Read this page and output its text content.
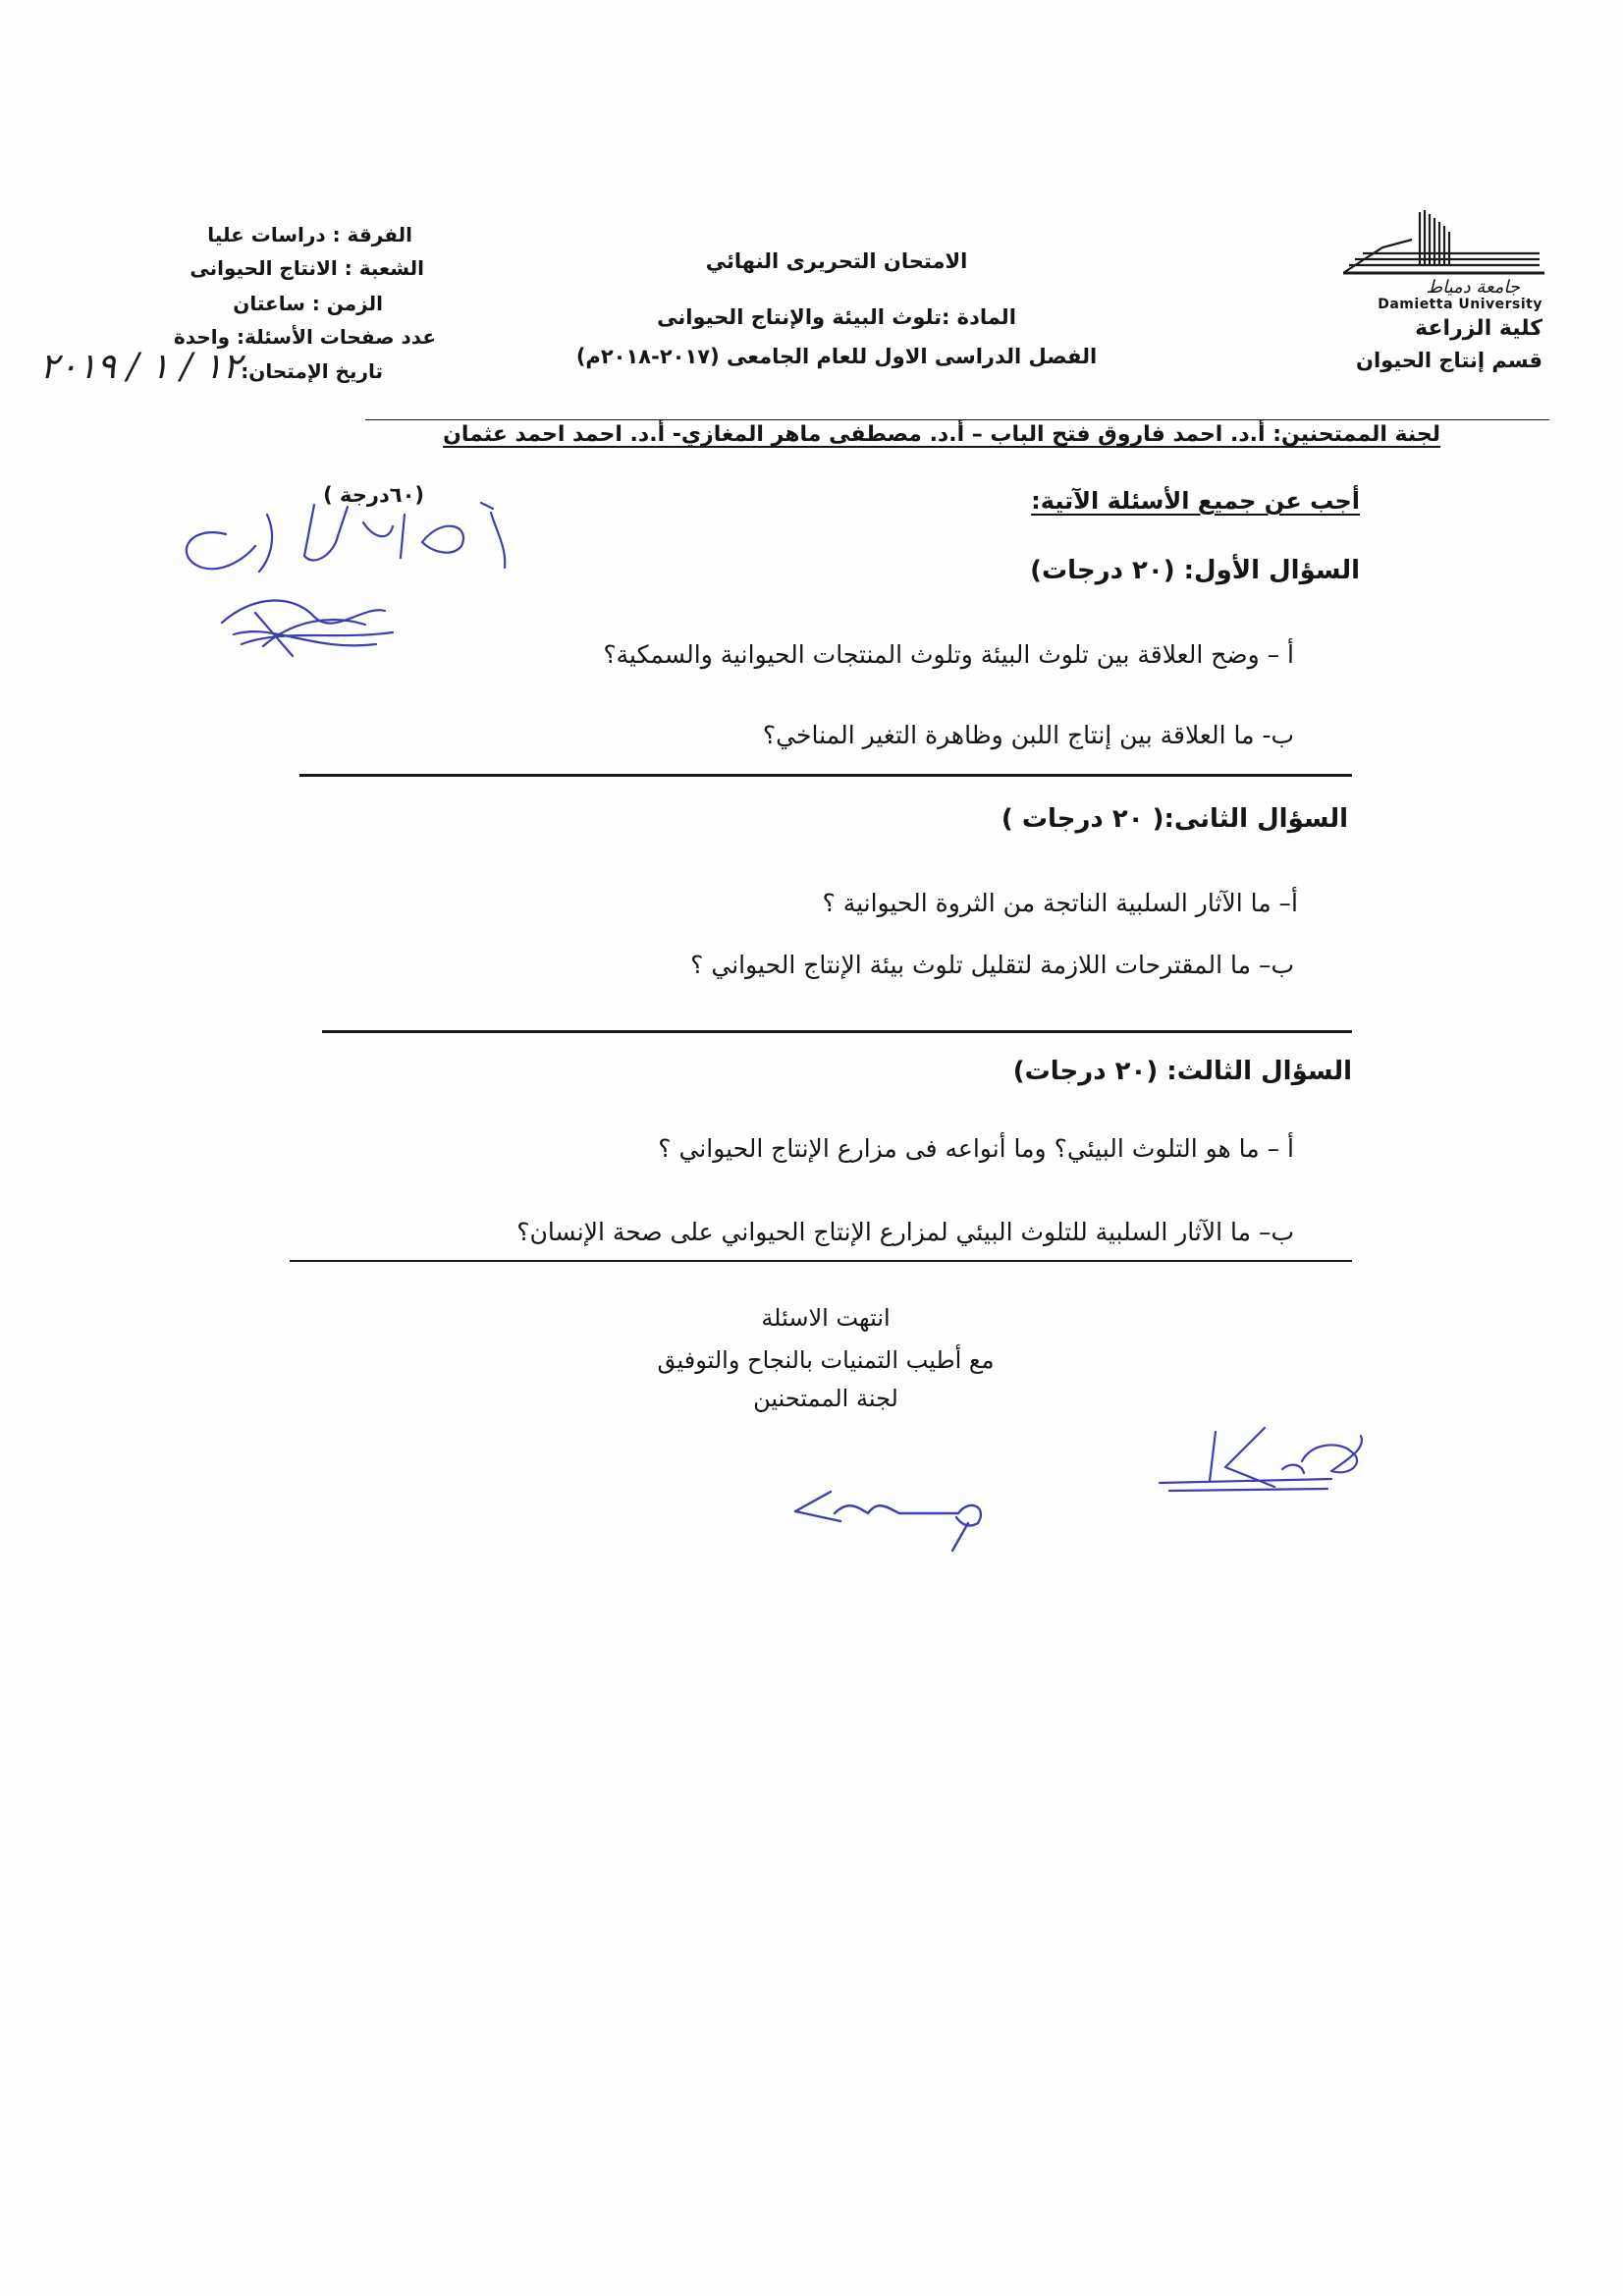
جامعة دمياط
Damietta University
كلية الزراعة
قسم إنتاج الحيوان
الامتحان التحريرى النهائي
المادة :تلوث البيئة والإنتاج الحيوانى
الفصل الدراسى الاول للعام الجامعى (٢٠١٧-٢٠١٨م)
الفرقة : دراسات عليا
الشعبة : الانتاج الحيوانى
الزمن : ساعتان
عدد صفحات الأسئلة: واحدة
تاريخ الإمتحان:
١٢ / ١ / ٢٠١٩
لجنة الممتحنين: أ.د. احمد فاروق فتح الباب – أ.د. مصطفى ماهر المغازي- أ.د. احمد احمد عثمان
أجب عن جميع الأسئلة الآتية:
(٦٠درجة )
السؤال الأول: (٢٠ درجات)
أ – وضح العلاقة بين تلوث البيئة وتلوث المنتجات الحيوانية والسمكية؟
ب- ما العلاقة بين إنتاج اللبن وظاهرة التغير المناخي؟
السؤال الثانى:( ٢٠ درجات )
أ– ما الآثار السلبية الناتجة من الثروة الحيوانية ؟
ب– ما المقترحات اللازمة لتقليل تلوث بيئة الإنتاج الحيواني ؟
السؤال الثالث: (٢٠ درجات)
أ – ما هو التلوث البيئي؟ وما أنواعه فى مزارع الإنتاج الحيواني ؟
ب– ما الآثار السلبية للتلوث البيئي لمزارع الإنتاج الحيواني على صحة الإنسان؟
انتهت الاسئلة
مع أطيب التمنيات بالنجاح والتوفيق
لجنة الممتحنين
